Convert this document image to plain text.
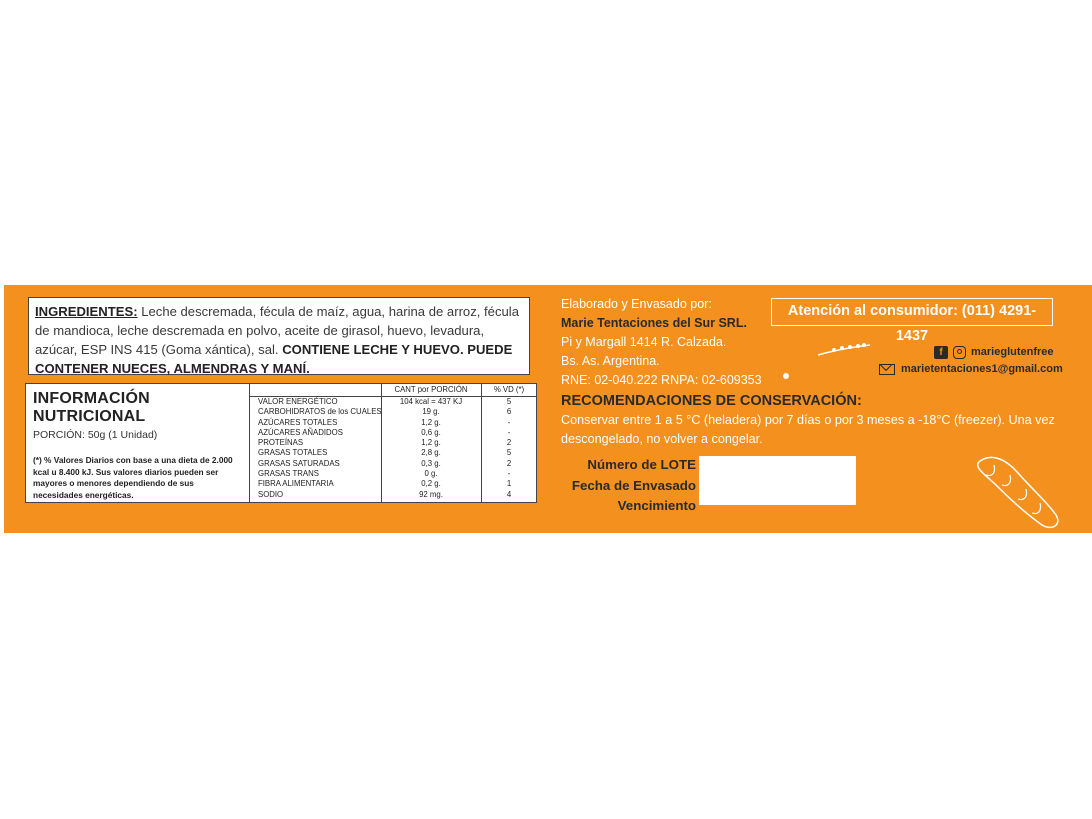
INGREDIENTES: Leche descremada, fécula de maíz, agua, harina de arroz, fécula de mandioca, leche descremada en polvo, aceite de girasol, huevo, levadura, azúcar, ESP INS 415 (Goma xántica), sal. CONTIENE LECHE Y HUEVO. PUEDE CONTENER NUECES, ALMENDRAS Y MANÍ.
INFORMACIÓN NUTRICIONAL
PORCIÓN: 50g (1 Unidad)
(*) % Valores Diarios con base a una dieta de 2.000 kcal u 8.400 kJ. Sus valores diarios pueden ser mayores o menores dependiendo de sus necesidades energéticas.
CANT por PORCIÓN	% VD (*)
VALOR ENERGÉTICO	104 kcal = 437 KJ	5
CARBOHIDRATOS de los CUALES	19 g.	6
AZÚCARES TOTALES	1,2 g.	-
AZÚCARES AÑADIDOS	0,6 g.	-
PROTEÍNAS	1,2 g.	2
GRASAS TOTALES	2,8 g.	5
GRASAS SATURADAS	0,3 g.	2
GRASAS TRANS	0 g.	-
FIBRA ALIMENTARIA	0,2 g.	1
SODIO	92 mg.	4
Elaborado y Envasado por:
Marie Tentaciones del Sur SRL.
Pi y Margall 1414 R. Calzada.
Bs. As. Argentina.
RNE: 02-040.222 RNPA: 02-609353
Atención al consumidor: (011) 4291-1437
f	marieglutenfree
marietentaciones1@gmail.com
RECOMENDACIONES DE CONSERVACIÓN:
Conservar entre 1 a 5 °C (heladera) por 7 días o por 3 meses a -18°C (freezer). Una vez descongelado, no volver a congelar.
Número de LOTE
Fecha de Envasado
Vencimiento
